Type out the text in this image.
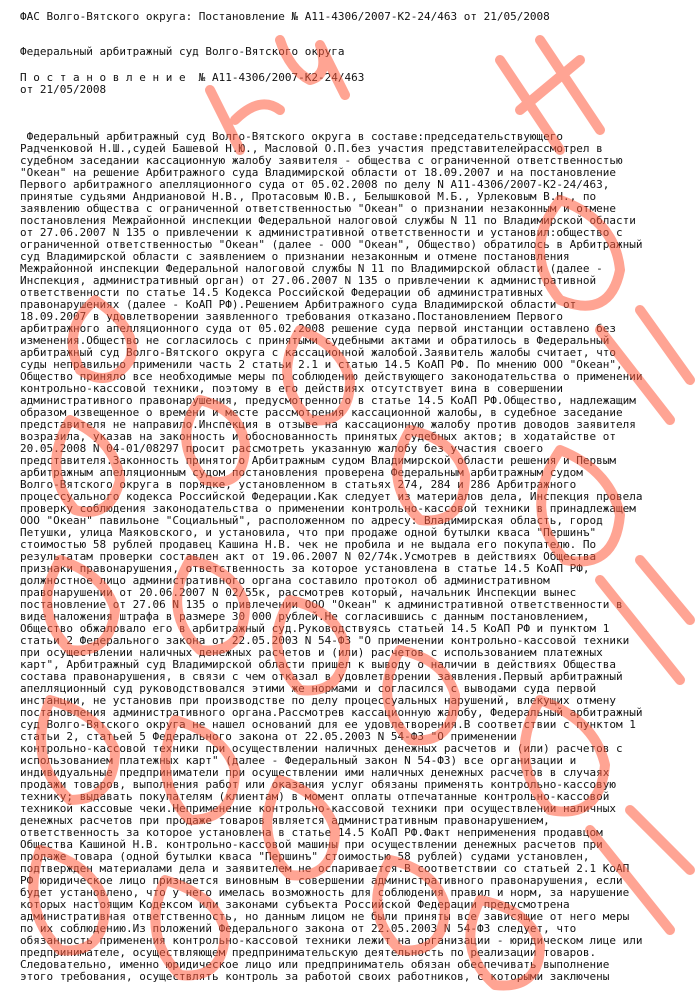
ФАС Волго-Вятского округа: Постановление № А11-4306/2007-К2-24/463 от 21/05/2008
Федеральный арбитражный суд Волго-Вятского округа
П о с т а н о в л е н и е  № А11-4306/2007-К2-24/463
от 21/05/2008
Федеральный арбитражный суд Волго-Вятского округа в составе:председательствующего
Радченковой Н.Ш.,судей Башевой Н.Ю., Масловой О.П.без участия представителейрассмотрел в
судебном заседании кассационную жалобу заявителя - общества с ограниченной ответственностью
"Океан" на решение Арбитражного суда Владимирской области от 18.09.2007 и на постановление
Первого арбитражного апелляционного суда от 05.02.2008 по делу N А11-4306/2007-К2-24/463,
принятые судьями Андриановой Н.В., Протасовым Ю.В., Белышковой М.Б., Урлековым В.Н., по
заявлению общества с ограниченной ответственностью "Океан" о признании незаконным и отмене
постановления Межрайонной инспекции Федеральной налоговой службы N 11 по Владимирской области
от 27.06.2007 N 135 о привлечении к административной ответственности и установил:общество с
ограниченной ответственностью "Океан" (далее - ООО "Океан", Общество) обратилось в Арбитражный
суд Владимирской области с заявлением о признании незаконным и отмене постановления
Межрайонной инспекции Федеральной налоговой службы N 11 по Владимирской области (далее -
Инспекция, административный орган) от 27.06.2007 N 135 о привлечении к административной
ответственности по статье 14.5 Кодекса Российской Федерации об административных
правонарушениях (далее - КоАП РФ).Решением Арбитражного суда Владимирской области от
18.09.2007 в удовлетворении заявленного требования отказано.Постановлением Первого
арбитражного апелляционного суда от 05.02.2008 решение суда первой инстанции оставлено без
изменения.Общество не согласилось с принятыми судебными актами и обратилось в Федеральный
арбитражный суд Волго-Вятского округа с кассационной жалобой.Заявитель жалобы считает, что
суды неправильно применили часть 2 статьи 2.1 и статью 14.5 КоАП РФ. По мнению ООО "Океан",
Общество приняло все необходимые меры по соблюдению действующего законодательства о применении
контрольно-кассовой техники, поэтому в его действиях отсутствует вина в совершении
административного правонарушения, предусмотренного в статье 14.5 КоАП РФ.Общество, надлежащим
образом извещенное о времени и месте рассмотрения кассационной жалобы, в судебное заседание
представителя не направило.Инспекция в отзыве на кассационную жалобу против доводов заявителя
возразила, указав на законность и обоснованность принятых судебных актов; в ходатайстве от
20.05.2008 N 04-01/08297 просит рассмотреть указанную жалобу без участия своего
представителя.Законность принятого Арбитражным судом Владимирской области решения и Первым
арбитражным апелляционным судом постановления проверена Федеральным арбитражным судом
Волго-Вятского округа в порядке, установленном в статьях 274, 284 и 286 Арбитражного
процессуального кодекса Российской Федерации.Как следует из материалов дела, Инспекция провела
проверку соблюдения законодательства о применении контрольно-кассовой техники в принадлежащем
ООО "Океан" павильоне "Социальный", расположенном по адресу: Владимирская область, город
Петушки, улица Маяковского, и установила, что при продаже одной бутылки кваса "Першинъ"
стоимостью 58 рублей продавец Кашина Н.В. чек не пробила и не выдала его покупателю. По
результатам проверки составлен акт от 19.06.2007 N 02/74к.Усмотрев в действиях Общества
признаки правонарушения, ответственность за которое установлена в статье 14.5 КоАП РФ,
должностное лицо административного органа составило протокол об административном
правонарушении от 20.06.2007 N 02/55к, рассмотрев который, начальник Инспекции вынес
постановление от 27.06 N 135 о привлечении ООО "Океан" к административной ответственности в
виде наложения штрафа в размере 30 000 рублей.Не согласившись с данным постановлением,
Общество обжаловало его в арбитражный суд.Руководствуясь статьей 14.5 КоАП РФ и пунктом 1
статьи 2 Федерального закона от 22.05.2003 N 54-ФЗ "О применении контрольно-кассовой техники
при осуществлении наличных денежных расчетов и (или) расчетов с использованием платежных
карт", Арбитражный суд Владимирской области пришел к выводу о наличии в действиях Общества
состава правонарушения, в связи с чем отказал в удовлетворении заявления.Первый арбитражный
апелляционный суд руководствовался этими же нормами и согласился с выводами суда первой
инстанции, не установив при производстве по делу процессуальных нарушений, влекущих отмену
постановления административного органа.Рассмотрев кассационную жалобу, Федеральный арбитражный
суд Волго-Вятского округа не нашел оснований для ее удовлетворения.В соответствии с пунктом 1
статьи 2, статьей 5 Федерального закона от 22.05.2003 N 54-ФЗ "О применении
контрольно-кассовой техники при осуществлении наличных денежных расчетов и (или) расчетов с
использованием платежных карт" (далее - Федеральный закон N 54-ФЗ) все организации и
индивидуальные предприниматели при осуществлении ими наличных денежных расчетов в случаях
продажи товаров, выполнения работ или оказания услуг обязаны применять контрольно-кассовую
технику; выдавать покупателям (клиентам) в момент оплаты отпечатанные контрольно-кассовой
техникой кассовые чеки.Неприменение контрольно-кассовой техники при осуществлении наличных
денежных расчетов при продаже товаров является административным правонарушением,
ответственность за которое установлена в статье 14.5 КоАП РФ.Факт неприменения продавцом
Общества Кашиной Н.В. контрольно-кассовой машины при осуществлении денежных расчетов при
продаже товара (одной бутылки кваса "Першинъ" стоимостью 58 рублей) судами установлен,
подтвержден материалами дела и заявителем не оспаривается.В соответствии со статьей 2.1 КоАП
РФ юридическое лицо признается виновным в совершении административного правонарушения, если
будет установлено, что у него имелась возможность для соблюдения правил и норм, за нарушение
которых настоящим Кодексом или законами субъекта Российской Федерации предусмотрена
административная ответственность, но данным лицом не были приняты все зависящие от него меры
по их соблюдению.Из положений Федерального закона от 22.05.2003 N 54-ФЗ следует, что
обязанность применения контрольно-кассовой техники лежит на организации - юридическом лице или
предпринимателе, осуществляющем предпринимательскую деятельность по реализации товаров.
Следовательно, именно юридическое лицо или предприниматель обязан обеспечивать выполнение
этого требования, осуществлять контроль за работой своих работников, с которыми заключены
